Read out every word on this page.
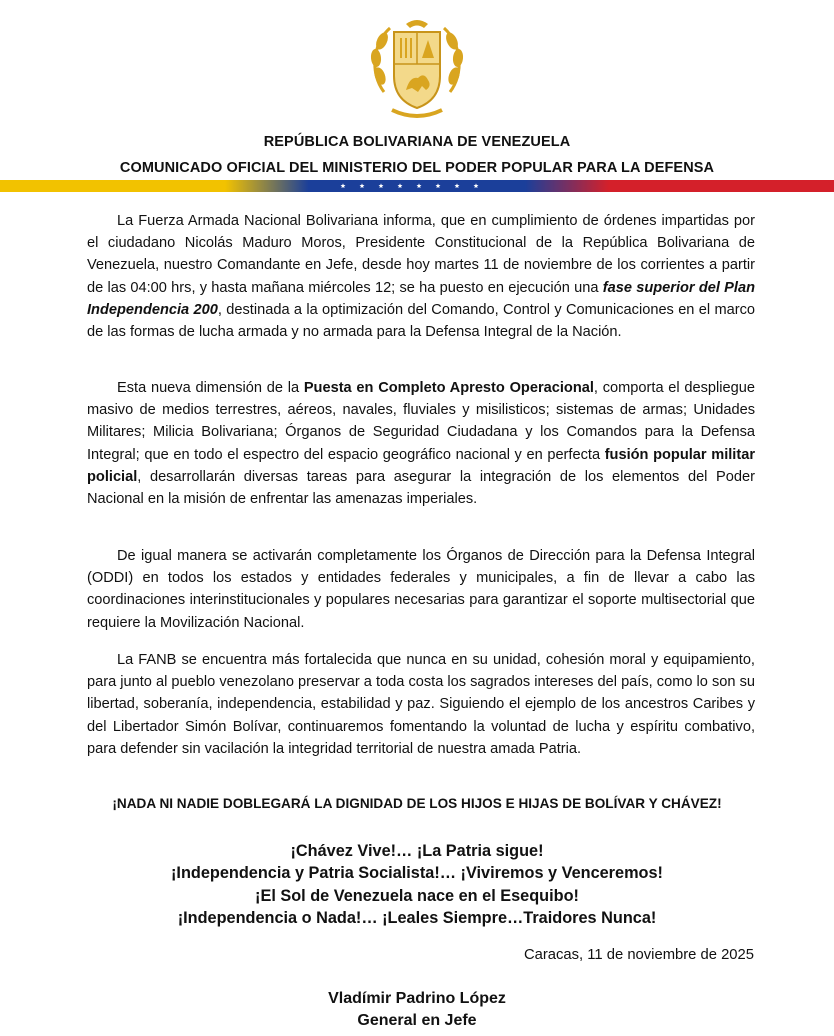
REPÚBLICA BOLIVARIANA DE VENEZUELA
COMUNICADO OFICIAL DEL MINISTERIO DEL PODER POPULAR PARA LA DEFENSA

La Fuerza Armada Nacional Bolivariana informa, que en cumplimiento de órdenes impartidas por el ciudadano Nicolás Maduro Moros, Presidente Constitucional de la República Bolivariana de Venezuela, nuestro Comandante en Jefe, desde hoy martes 11 de noviembre de los corrientes a partir de las 04:00 hrs, y hasta mañana miércoles 12; se ha puesto en ejecución una fase superior del Plan Independencia 200, destinada a la optimización del Comando, Control y Comunicaciones en el marco de las formas de lucha armada y no armada para la Defensa Integral de la Nación.

Esta nueva dimensión de la Puesta en Completo Apresto Operacional, comporta el despliegue masivo de medios terrestres, aéreos, navales, fluviales y misilisticos; sistemas de armas; Unidades Militares; Milicia Bolivariana; Órganos de Seguridad Ciudadana y los Comandos para la Defensa Integral; que en todo el espectro del espacio geográfico nacional y en perfecta fusión popular militar policial, desarrollarán diversas tareas para asegurar la integración de los elementos del Poder Nacional en la misión de enfrentar las amenazas imperiales.

De igual manera se activarán completamente los Órganos de Dirección para la Defensa Integral (ODDI) en todos los estados y entidades federales y municipales, a fin de llevar a cabo las coordinaciones interinstitucionales y populares necesarias para garantizar el soporte multisectorial que requiere la Movilización Nacional.

La FANB se encuentra más fortalecida que nunca en su unidad, cohesión moral y equipamiento, para junto al pueblo venezolano preservar a toda costa los sagrados intereses del país, como lo son su libertad, soberanía, independencia, estabilidad y paz. Siguiendo el ejemplo de los ancestros Caribes y del Libertador Simón Bolívar, continuaremos fomentando la voluntad de lucha y espíritu combativo, para defender sin vacilación la integridad territorial de nuestra amada Patria.

¡NADA NI NADIE DOBLEGARÁ LA DIGNIDAD DE LOS HIJOS E HIJAS DE BOLÍVAR Y CHÁVEZ!
¡Chávez Vive!… ¡La Patria sigue!
¡Independencia y Patria Socialista!… ¡Viviremos y Venceremos!
¡El Sol de Venezuela nace en el Esequibo!
¡Independencia o Nada!… ¡Leales Siempre…Traidores Nunca!
Caracas, 11 de noviembre de 2025
Vladímir Padrino López
General en Jefe
